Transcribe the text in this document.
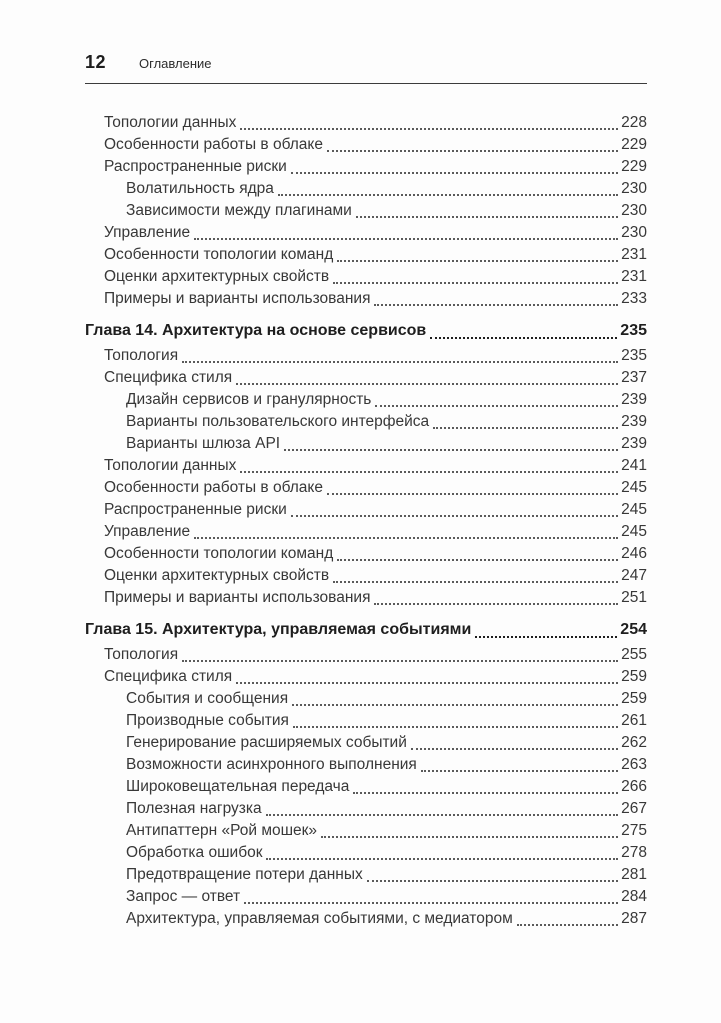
12	Оглавление
Топологии данных	228
Особенности работы в облаке	229
Распространенные риски	229
Волатильность ядра	230
Зависимости между плагинами	230
Управление	230
Особенности топологии команд	231
Оценки архитектурных свойств	231
Примеры и варианты использования	233
Глава 14. Архитектура на основе сервисов	235
Топология	235
Специфика стиля	237
Дизайн сервисов и гранулярность	239
Варианты пользовательского интерфейса	239
Варианты шлюза API	239
Топологии данных	241
Особенности работы в облаке	245
Распространенные риски	245
Управление	245
Особенности топологии команд	246
Оценки архитектурных свойств	247
Примеры и варианты использования	251
Глава 15. Архитектура, управляемая событиями	254
Топология	255
Специфика стиля	259
События и сообщения	259
Производные события	261
Генерирование расширяемых событий	262
Возможности асинхронного выполнения	263
Широковещательная передача	266
Полезная нагрузка	267
Антипаттерн «Рой мошек»	275
Обработка ошибок	278
Предотвращение потери данных	281
Запрос — ответ	284
Архитектура, управляемая событиями, с медиатором	287
